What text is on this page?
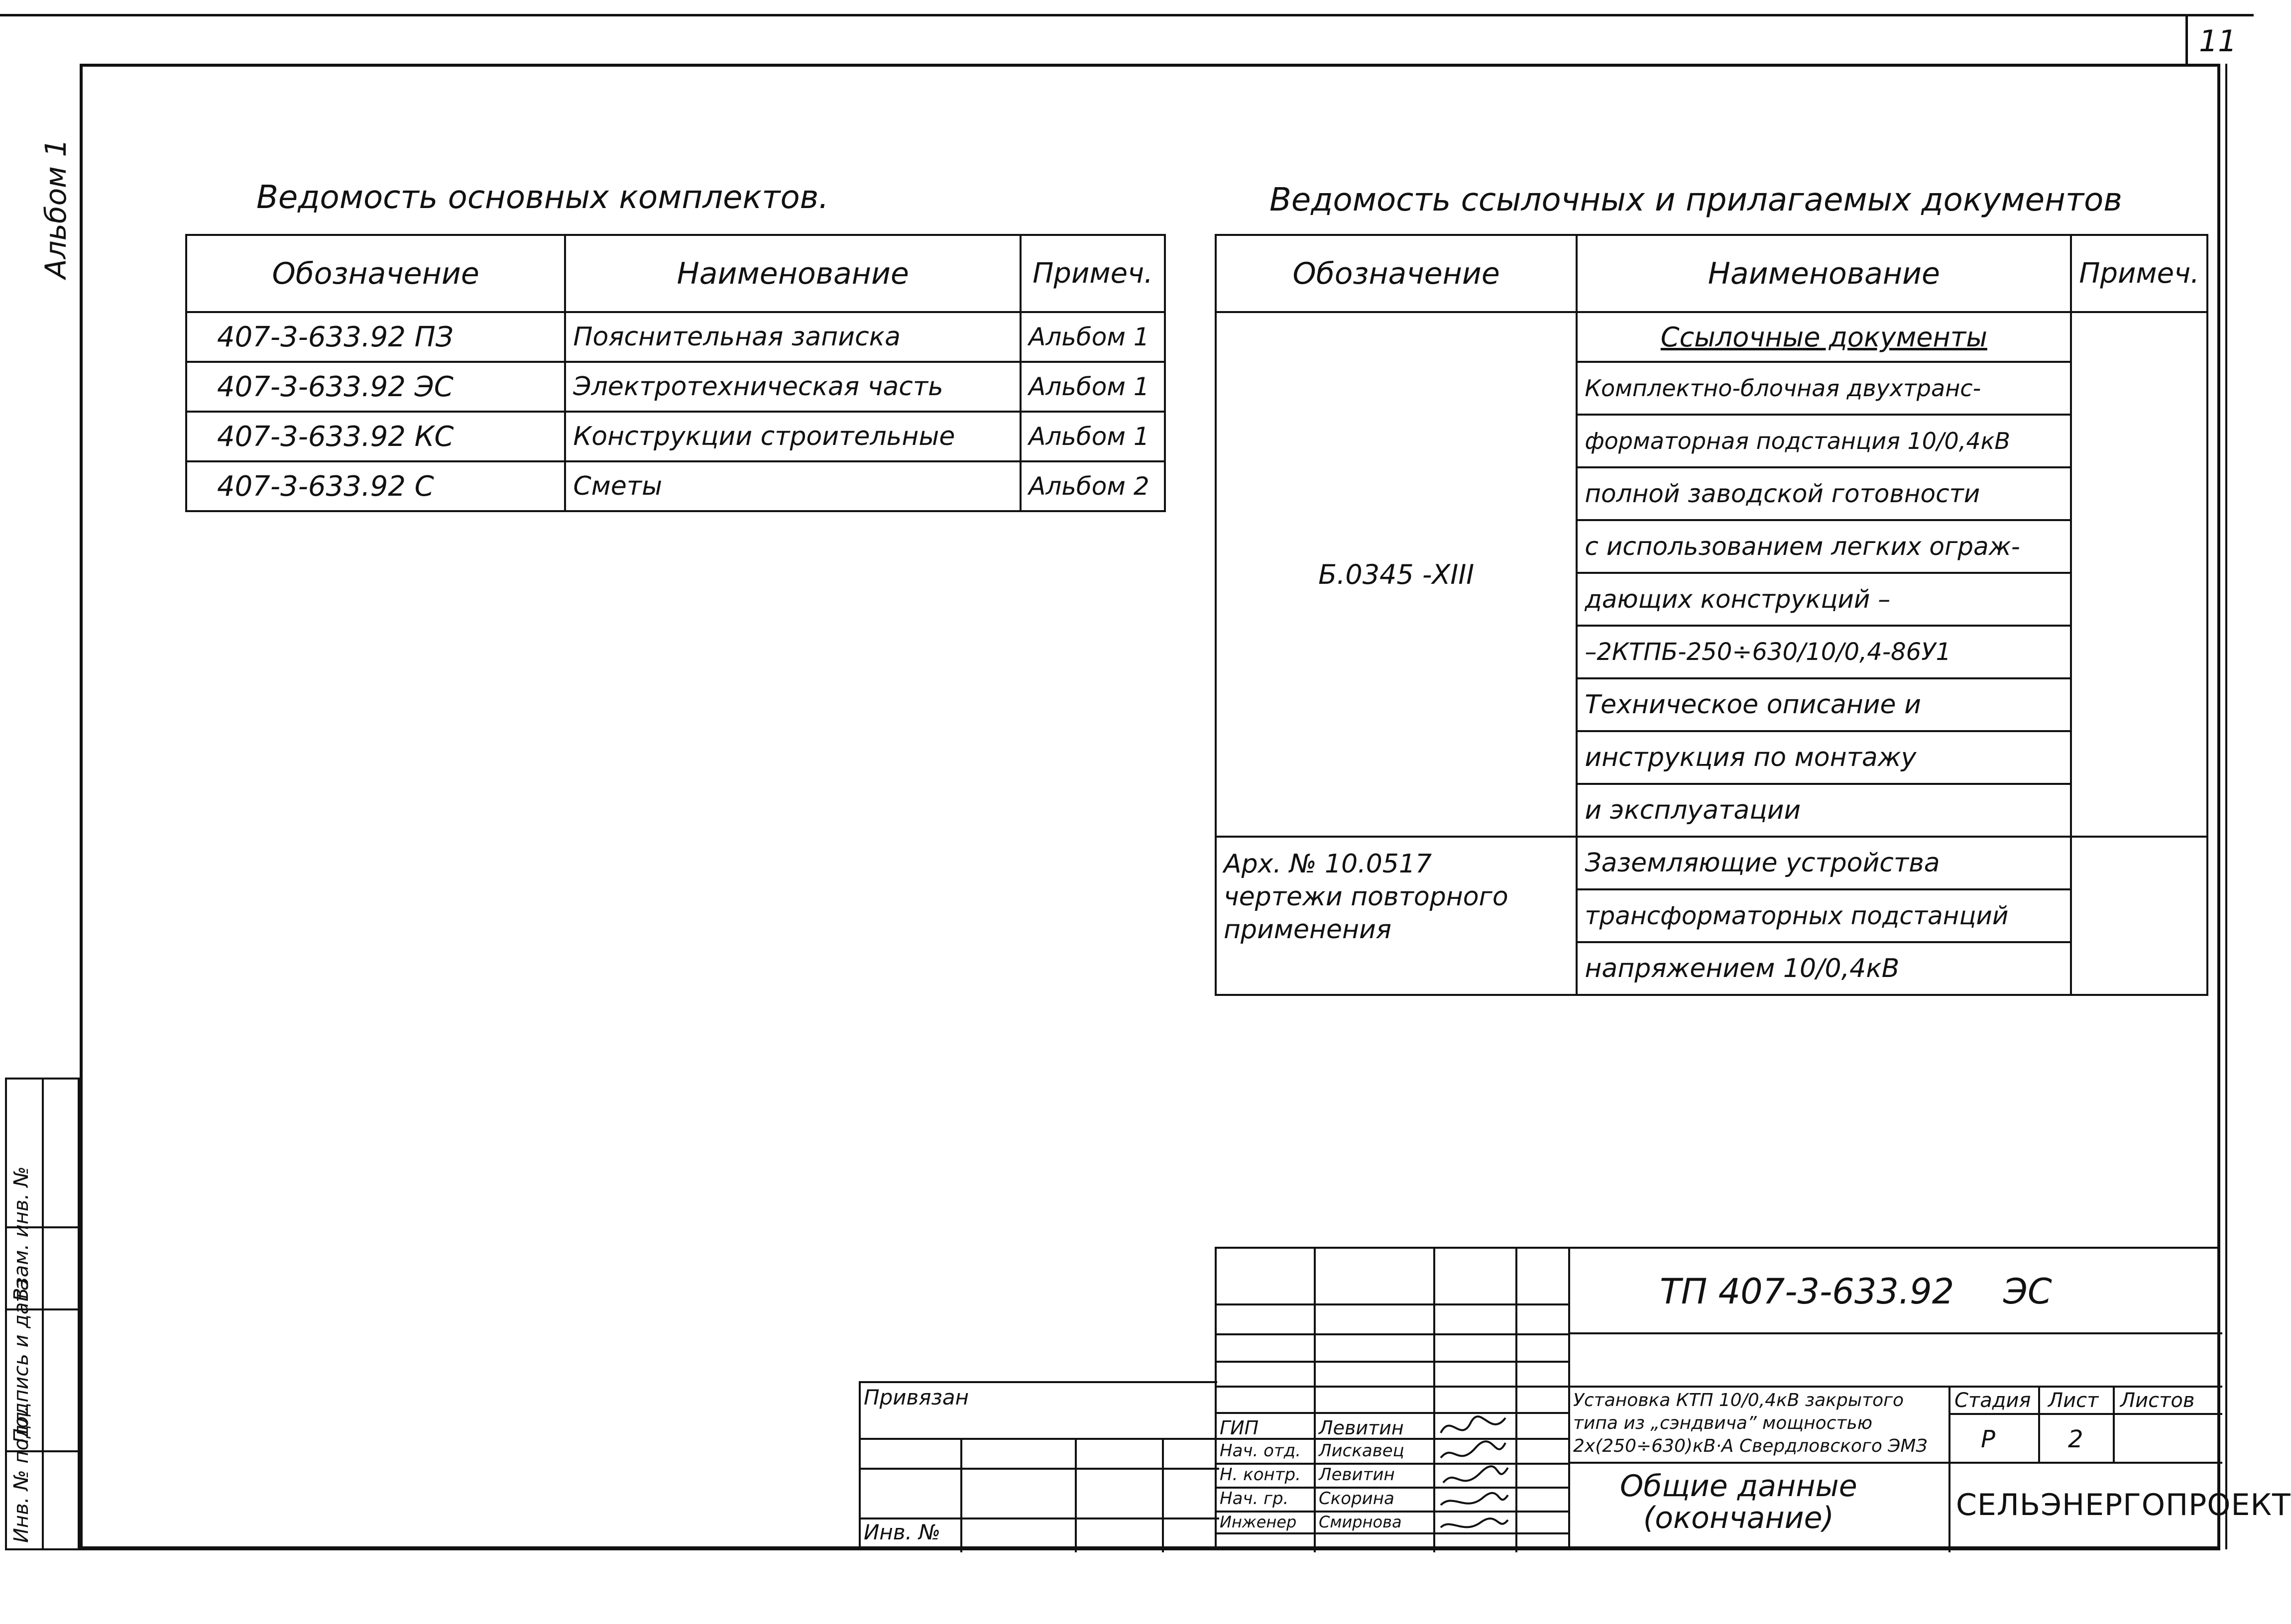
11
Альбом 1	Ведомость основных комплектов.
Обозначение	Наименование	Примеч.
407-3-633.92 ПЗ	Пояснительная записка	Альбом 1
407-3-633.92 ЭС	Электротехническая часть	Альбом 1
407-3-633.92 КС	Конструкции строительные	Альбом 1
407-3-633.92 С	Сметы	Альбом 2
Ведомость ссылочных и прилагаемых документов
Обозначение	Наименование	Примеч.
Б.0345 -XIII	Ссылочные документы	
	Комплектно-блочная двухтранс-	
	форматорная подстанция 10/0,4кВ	
	полной заводской готовности	
	с использованием легких ограж-	
	дающих конструкций –	
	–2КТПБ-250÷630/10/0,4-86У1	
	Техническое описание и	
	инструкция по монтажу	
	и эксплуатации	

Арх. № 10.0517
чертежи повторного
применения	Заземляющие устройства	
	трансформаторных подстанций	
	напряжением 10/0,4кВ	
Инв. № подл.
Подпись и дата
Взам. инв. №
Привязан
Инв. №
ГИП	Левитин
Нач. отд. Лискавец
Н. контр. Левитин
Нач. гр. Скорина
Инженер Смирнова
ТП 407-3-633.92 ЭС
Установка КТП 10/0,4кВ закрытого
типа из „сэндвича” мощностью
2х(250÷630)кВ·А Свердловского ЭМЗ
Стадия Лист Листов
Р	2
Общие данные
(окончание)	СЕЛЬЭНЕРГОПРОЕКТ
